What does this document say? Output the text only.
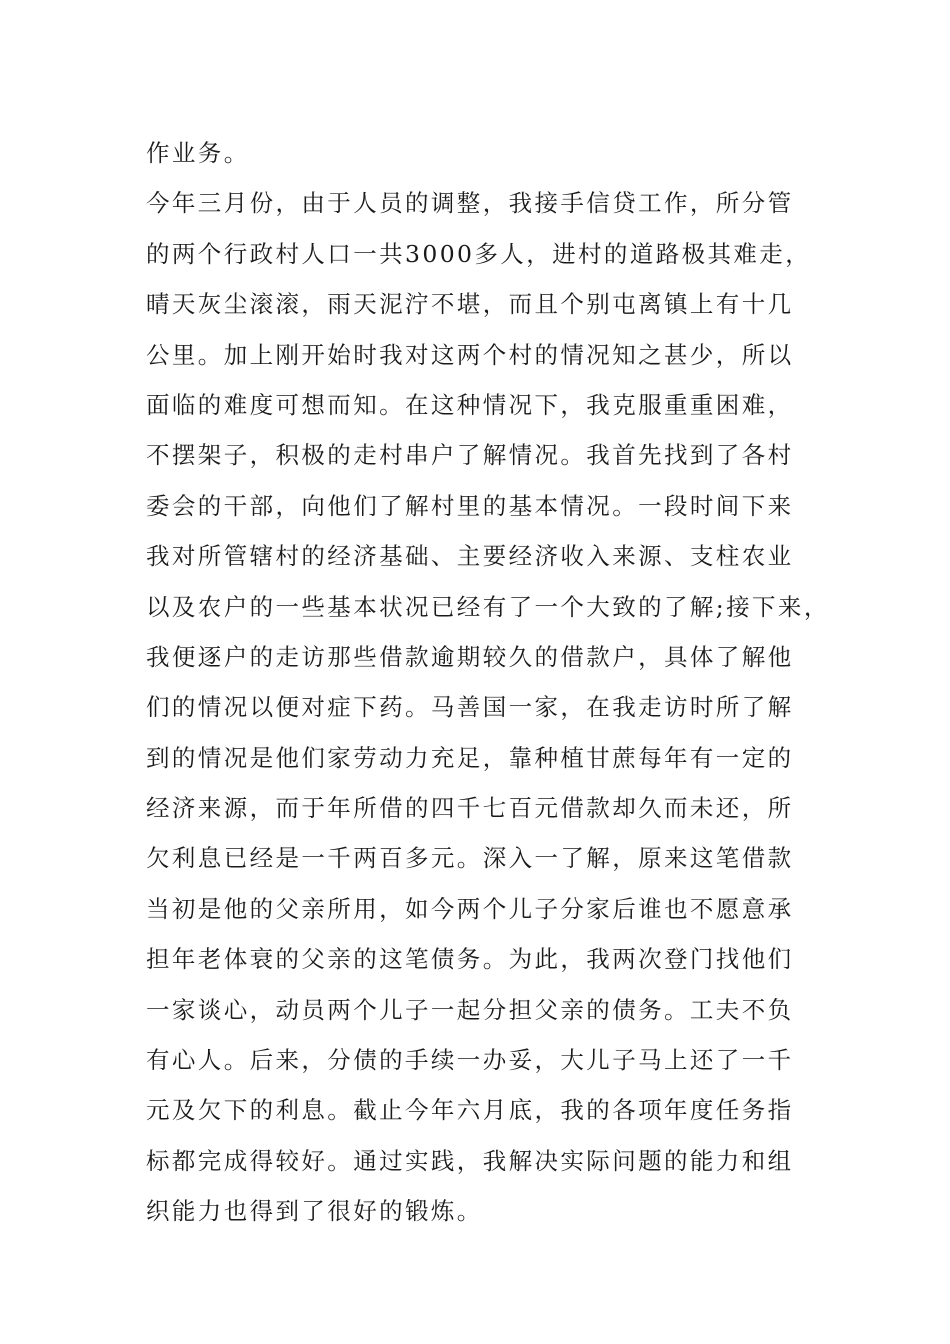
作业务。
今年三月份，由于人员的调整，我接手信贷工作，所分管
的两个行政村人口一共3000多人，进村的道路极其难走，
晴天灰尘滚滚，雨天泥泞不堪，而且个别屯离镇上有十几
公里。加上刚开始时我对这两个村的情况知之甚少，所以
面临的难度可想而知。在这种情况下，我克服重重困难，
不摆架子，积极的走村串户了解情况。我首先找到了各村
委会的干部，向他们了解村里的基本情况。一段时间下来
我对所管辖村的经济基础、主要经济收入来源、支柱农业
以及农户的一些基本状况已经有了一个大致的了解;接下来，
我便逐户的走访那些借款逾期较久的借款户，具体了解他
们的情况以便对症下药。马善国一家，在我走访时所了解
到的情况是他们家劳动力充足，靠种植甘蔗每年有一定的
经济来源，而于年所借的四千七百元借款却久而未还，所
欠利息已经是一千两百多元。深入一了解，原来这笔借款
当初是他的父亲所用，如今两个儿子分家后谁也不愿意承
担年老体衰的父亲的这笔债务。为此，我两次登门找他们
一家谈心，动员两个儿子一起分担父亲的债务。工夫不负
有心人。后来，分债的手续一办妥，大儿子马上还了一千
元及欠下的利息。截止今年六月底，我的各项年度任务指
标都完成得较好。通过实践，我解决实际问题的能力和组
织能力也得到了很好的锻炼。
